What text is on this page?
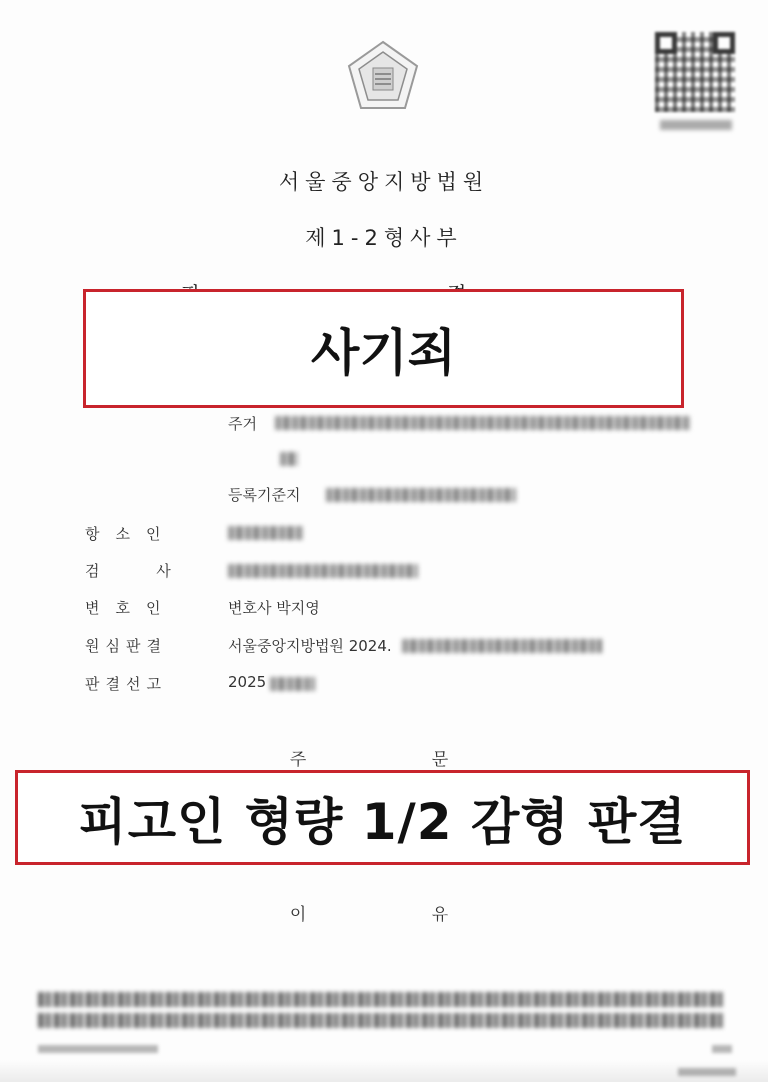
서울중앙지방법원
제1-2형사부
사기죄
주거
등록기준지
항소인
검 사
변호인	변호사 박지영
원심판결	서울중앙지방법원 2024.
판결선고	2025
주 문
피고인 형량 1/2 감형 판결
이 유
